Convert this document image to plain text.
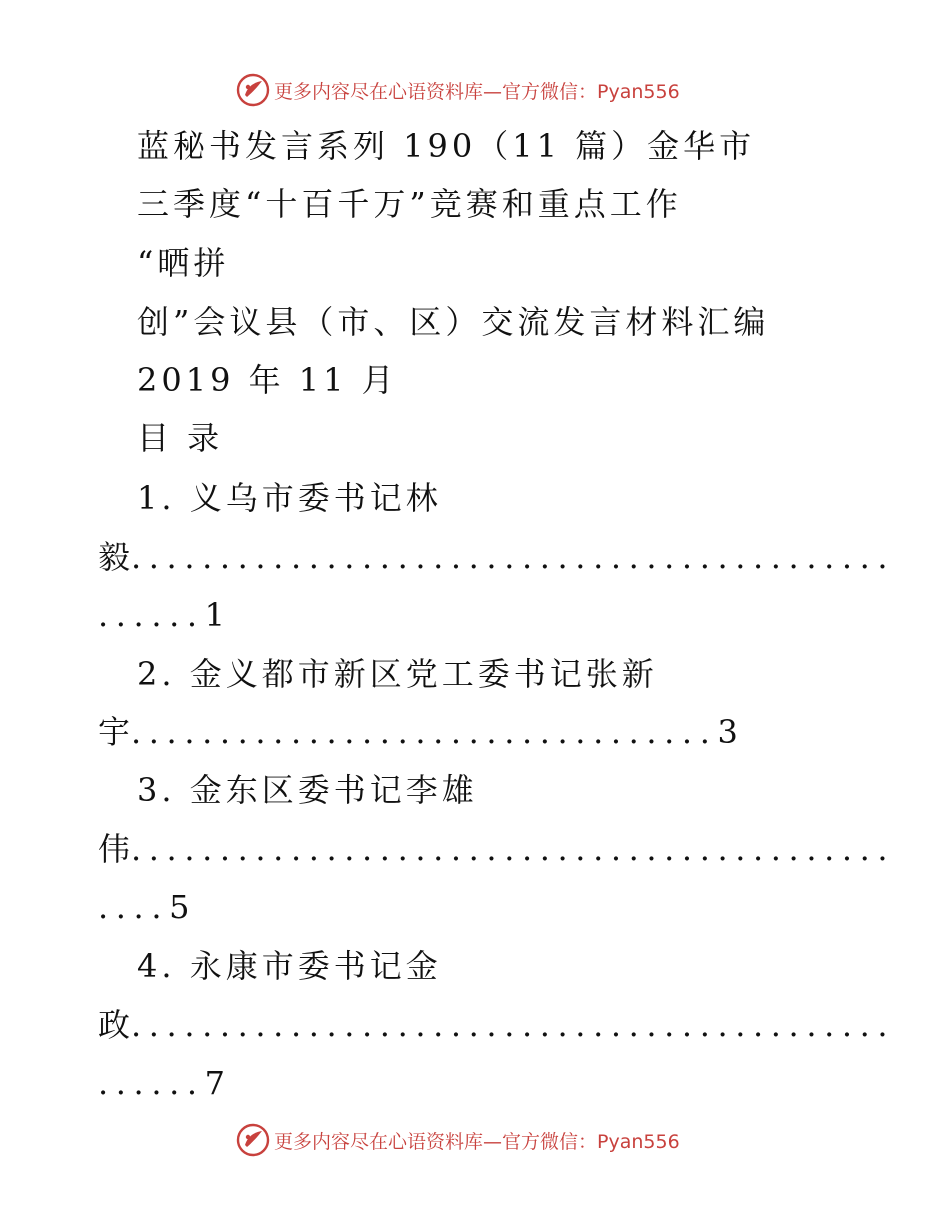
更多内容尽在心语资料库—官方微信：Pyan556
蓝秘书发言系列 190（11 篇）金华市
三季度“十百千万”竞赛和重点工作
“晒拼
创”会议县（市、区）交流发言材料汇编
2019 年 11 月
目 录
1. 义乌市委书记林
毅
...........................................
......1
2. 金义都市新区党工委书记张新
宇
.................................3
3. 金东区委书记李雄
伟
...........................................
....5
4. 永康市委书记金
政
...........................................
......7
更多内容尽在心语资料库—官方微信：Pyan556
